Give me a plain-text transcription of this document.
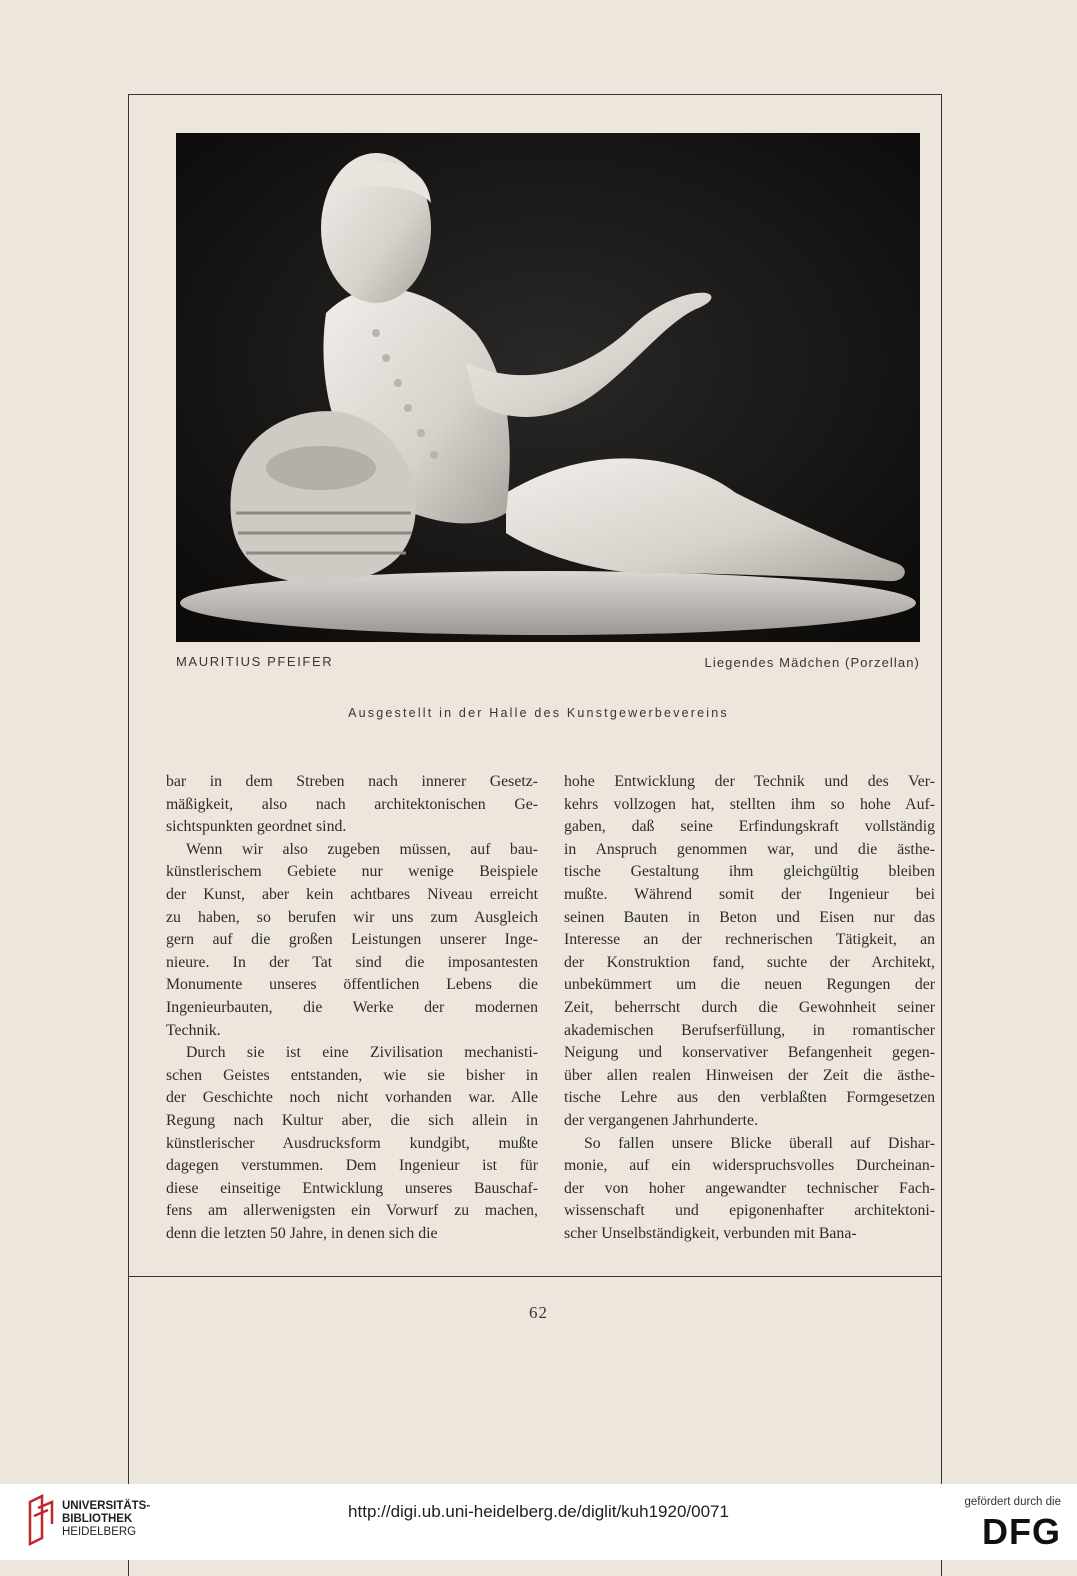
MAURITIUS PFEIFER	Liegendes Mädchen (Porzellan)
Ausgestellt in der Halle des Kunstgewerbevereins

bar in dem Streben nach innerer Gesetz-
mäßigkeit, also nach architektonischen Ge-
sichtspunkten geordnet sind.

Wenn wir also zugeben müssen, auf bau-
künstlerischem Gebiete nur wenige Beispiele
der Kunst, aber kein achtbares Niveau erreicht
zu haben, so berufen wir uns zum Ausgleich
gern auf die großen Leistungen unserer Inge-
nieure. In der Tat sind die imposantesten
Monumente unseres öffentlichen Lebens die
Ingenieurbauten, die Werke der modernen
Technik.

Durch sie ist eine Zivilisation mechanisti-
schen Geistes entstanden, wie sie bisher in
der Geschichte noch nicht vorhanden war. Alle
Regung nach Kultur aber, die sich allein in
künstlerischer Ausdrucksform kundgibt, mußte
dagegen verstummen. Dem Ingenieur ist für
diese einseitige Entwicklung unseres Bauschaf-
fens am allerwenigsten ein Vorwurf zu machen,
denn die letzten 50 Jahre, in denen sich die

hohe Entwicklung der Technik und des Ver-
kehrs vollzogen hat, stellten ihm so hohe Auf-
gaben, daß seine Erfindungskraft vollständig
in Anspruch genommen war, und die ästhe-
tische Gestaltung ihm gleichgültig bleiben
mußte. Während somit der Ingenieur bei
seinen Bauten in Beton und Eisen nur das
Interesse an der rechnerischen Tätigkeit, an
der Konstruktion fand, suchte der Architekt,
unbekümmert um die neuen Regungen der
Zeit, beherrscht durch die Gewohnheit seiner
akademischen Berufserfüllung, in romantischer
Neigung und konservativer Befangenheit gegen-
über allen realen Hinweisen der Zeit die ästhe-
tische Lehre aus den verblaßten Formgesetzen
der vergangenen Jahrhunderte.

So fallen unsere Blicke überall auf Dishar-
monie, auf ein widerspruchsvolles Durcheinan-
der von hoher angewandter technischer Fach-
wissenschaft und epigonenhafter architektoni-
scher Unselbständigkeit, verbunden mit Bana-

62
UNIVERSITÄTS-
BIBLIOTHEK
HEIDELBERG
http://digi.ub.uni-heidelberg.de/diglit/kuh1920/0071	gefördert durch die
DFG
